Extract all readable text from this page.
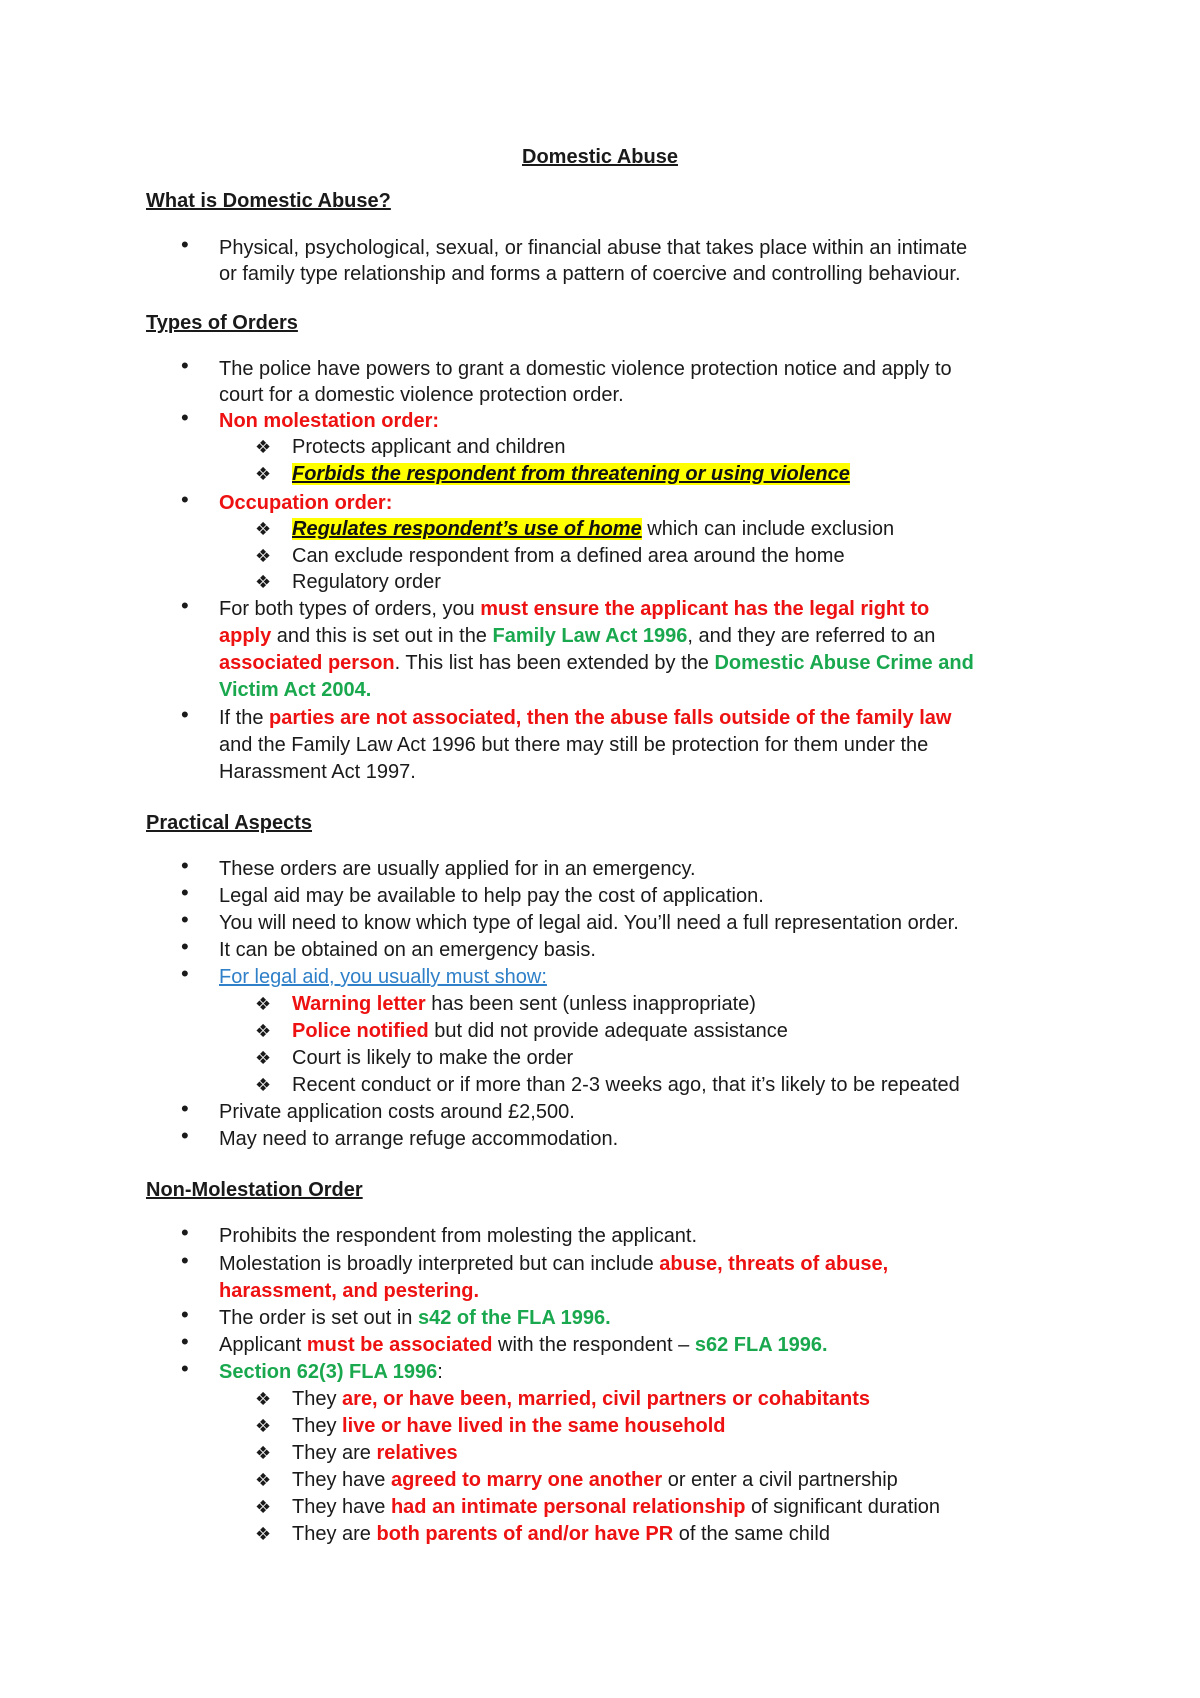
Domestic Abuse
What is Domestic Abuse?
• Physical, psychological, sexual, or financial abuse that takes place within an intimate
or family type relationship and forms a pattern of coercive and controlling behaviour.
Types of Orders
• The police have powers to grant a domestic violence protection notice and apply to
court for a domestic violence protection order.
• Non molestation order:
❖ Protects applicant and children
❖ Forbids the respondent from threatening or using violence
• Occupation order:
❖ Regulates respondent’s use of home which can include exclusion
❖ Can exclude respondent from a defined area around the home
❖ Regulatory order
• For both types of orders, you must ensure the applicant has the legal right to
apply and this is set out in the Family Law Act 1996, and they are referred to an
associated person. This list has been extended by the Domestic Abuse Crime and
Victim Act 2004.
• If the parties are not associated, then the abuse falls outside of the family law
and the Family Law Act 1996 but there may still be protection for them under the
Harassment Act 1997.
Practical Aspects
• These orders are usually applied for in an emergency.
• Legal aid may be available to help pay the cost of application.
• You will need to know which type of legal aid. You’ll need a full representation order.
• It can be obtained on an emergency basis.
• For legal aid, you usually must show:
❖ Warning letter has been sent (unless inappropriate)
❖ Police notified but did not provide adequate assistance
❖ Court is likely to make the order
❖ Recent conduct or if more than 2-3 weeks ago, that it’s likely to be repeated
• Private application costs around £2,500.
• May need to arrange refuge accommodation.
Non-Molestation Order
• Prohibits the respondent from molesting the applicant.
• Molestation is broadly interpreted but can include abuse, threats of abuse,
harassment, and pestering.
• The order is set out in s42 of the FLA 1996.
• Applicant must be associated with the respondent – s62 FLA 1996.
• Section 62(3) FLA 1996:
❖ They are, or have been, married, civil partners or cohabitants
❖ They live or have lived in the same household
❖ They are relatives
❖ They have agreed to marry one another or enter a civil partnership
❖ They have had an intimate personal relationship of significant duration
❖ They are both parents of and/or have PR of the same child
